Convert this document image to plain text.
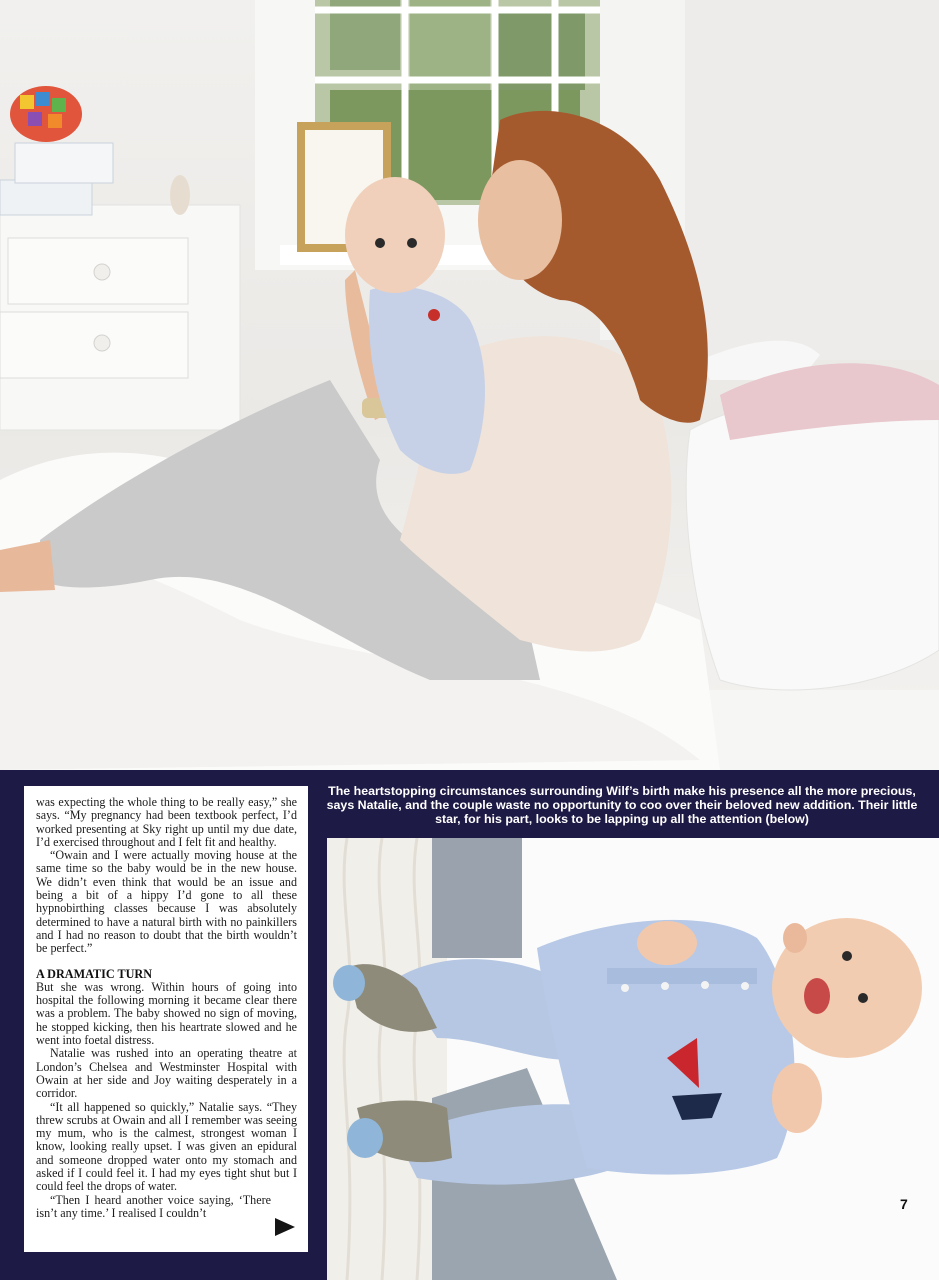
was expecting the whole thing to be really easy,” she says. “My pregnancy had been textbook perfect, I’d worked presenting at Sky right up until my due date, I’d exercised throughout and I felt fit and healthy.

“Owain and I were actually moving house at the same time so the baby would be in the new house. We didn’t even think that would be an issue and being a bit of a hippy I’d gone to all these hypnobirthing classes because I was absolutely determined to have a natural birth with no painkillers and I had no reason to doubt that the birth wouldn’t be perfect.”

A DRAMATIC TURN

But she was wrong. Within hours of going into hospital the following morning it became clear there was a problem. The baby showed no sign of moving, he stopped kicking, then his heartrate slowed and he went into foetal distress.

Natalie was rushed into an operating theatre at London’s Chelsea and Westminster Hospital with Owain at her side and Joy waiting desperately in a corridor.

“It all happened so quickly,” Natalie says. “They threw scrubs at Owain and all I remember was seeing my mum, who is the calmest, strongest woman I know, looking really upset. I was given an epidural and someone dropped water onto my stomach and asked if I could feel it. I had my eyes tight shut but I could feel the drops of water.

“Then I heard another voice saying, ‘There isn’t any time.’ I realised I couldn’t

The heartstopping circumstances surrounding Wilf’s birth make his presence all the more precious, says Natalie, and the couple waste no opportunity to coo over their beloved new addition. Their little star, for his part, looks to be lapping up all the attention (below)
7
